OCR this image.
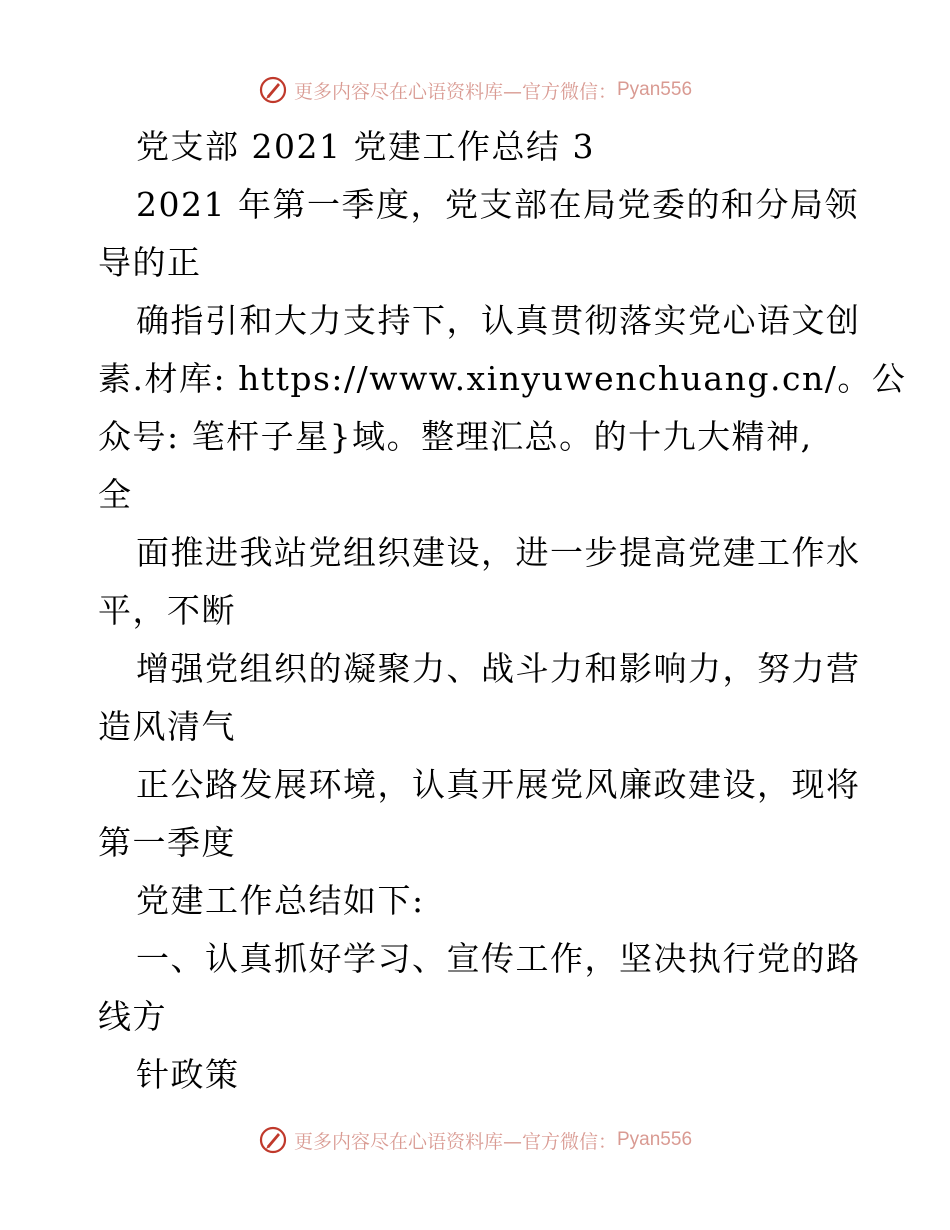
更多内容尽在心语资料库—官方微信： Pyan556
党支部 2021 党建工作总结 3
2021 年第一季度，党支部在局党委的和分局领
导的正
确指引和大力支持下，认真贯彻落实党心语文创
素.材库: https://www.xinyuwenchuang.cn/。公
众号: 笔杆子星}域。整理汇总。的十九大精神,
全
面推进我站党组织建设，进一步提高党建工作水
平，不断
增强党组织的凝聚力、战斗力和影响力，努力营
造风清气
正公路发展环境，认真开展党风廉政建设，现将
第一季度
党建工作总结如下:
一、认真抓好学习、宣传工作，坚决执行党的路
线方
针政策
更多内容尽在心语资料库—官方微信： Pyan556
